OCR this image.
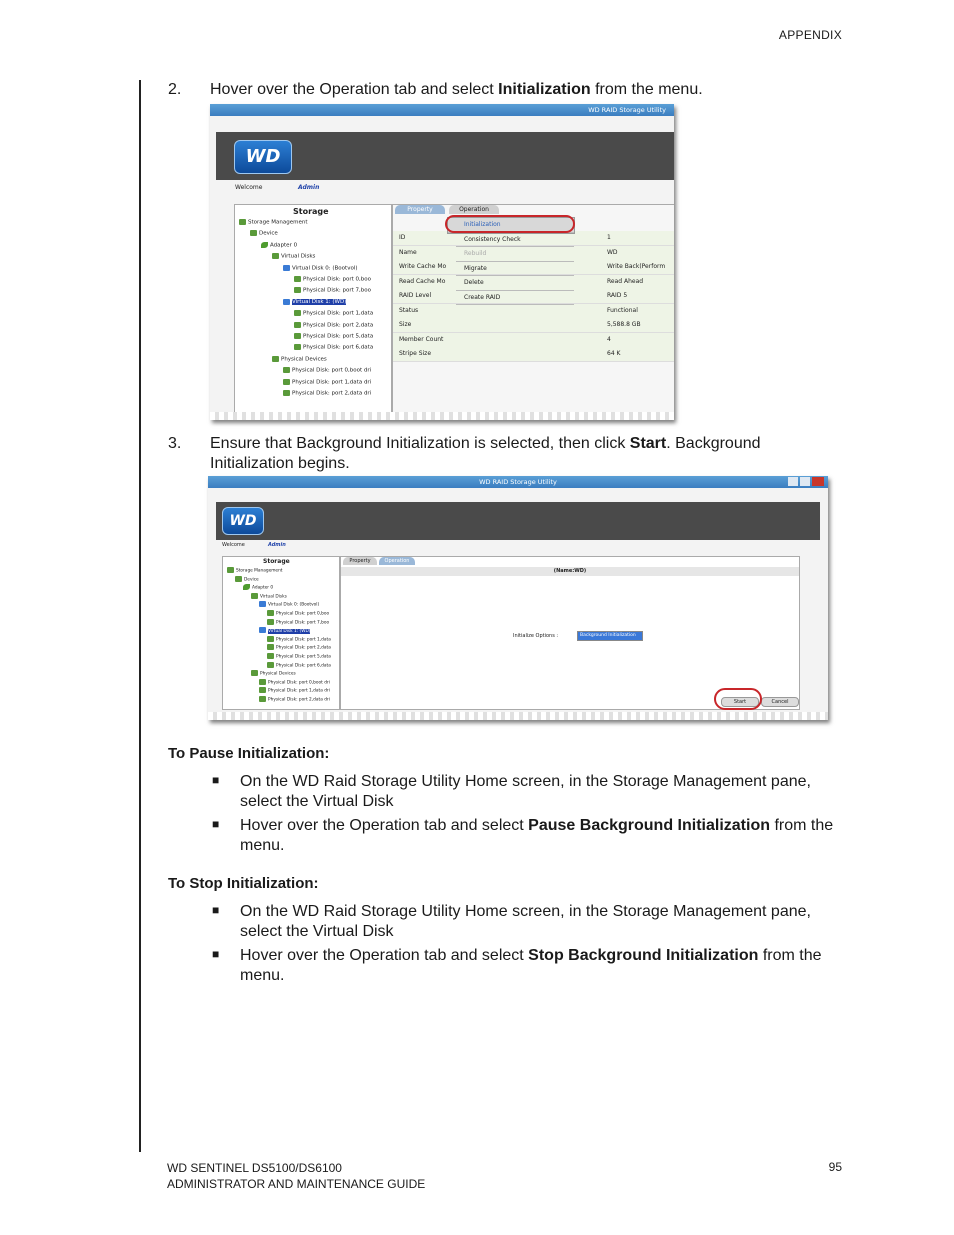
APPENDIX
2. Hover over the Operation tab and select Initialization from the menu.
WD RAID Storage Utility
WD
Welcome	Admin
Storage
Storage Management
Device
Adapter 0
Virtual Disks
Virtual Disk 0: (Bootvol)
Physical Disk: port 0,boo
Physical Disk: port 7,boo
Virtual Disk 1: (WD)
Physical Disk: port 1,data
Physical Disk: port 2,data
Physical Disk: port 5,data
Physical Disk: port 6,data
Physical Devices
Physical Disk: port 0,boot dri
Physical Disk: port 1,data dri
Physical Disk: port 2,data dri
Property	Operation
ID	1
Name	WD
Write Cache Mo	Write Back(Perform
Read Cache Mo	Read Ahead
RAID Level	RAID 5
Status	Functional
Size	5,588.8 GB
Member Count	4
Stripe Size	64 K
Initialization
Consistency Check
Rebuild
Migrate
Delete
Create RAID
3. Ensure that Background Initialization is selected, then click Start. Background
Initialization begins.
WD RAID Storage Utility
WD
Welcome	Admin
Storage
Storage Management
Device
Adapter 0
Virtual Disks
Virtual Disk 0: (Bootvol)
Physical Disk: port 0,boo
Physical Disk: port 7,boo
Virtual Disk 1: (WD)
Physical Disk: port 1,data
Physical Disk: port 2,data
Physical Disk: port 5,data
Physical Disk: port 6,data
Physical Devices
Physical Disk: port 0,boot dri
Physical Disk: port 1,data dri
Physical Disk: port 2,data dri
Property	Operation
(Name:WD)
Initialize Options :	Background Initialization
Start	Cancel
To Pause Initialization:
■ On the WD Raid Storage Utility Home screen, in the Storage Management pane, select the Virtual Disk
■ Hover over the Operation tab and select Pause Background Initialization from the menu.
To Stop Initialization:
■ On the WD Raid Storage Utility Home screen, in the Storage Management pane, select the Virtual Disk
■ Hover over the Operation tab and select Stop Background Initialization from the menu.
WD SENTINEL DS5100/DS6100
ADMINISTRATOR AND MAINTENANCE GUIDE
95
